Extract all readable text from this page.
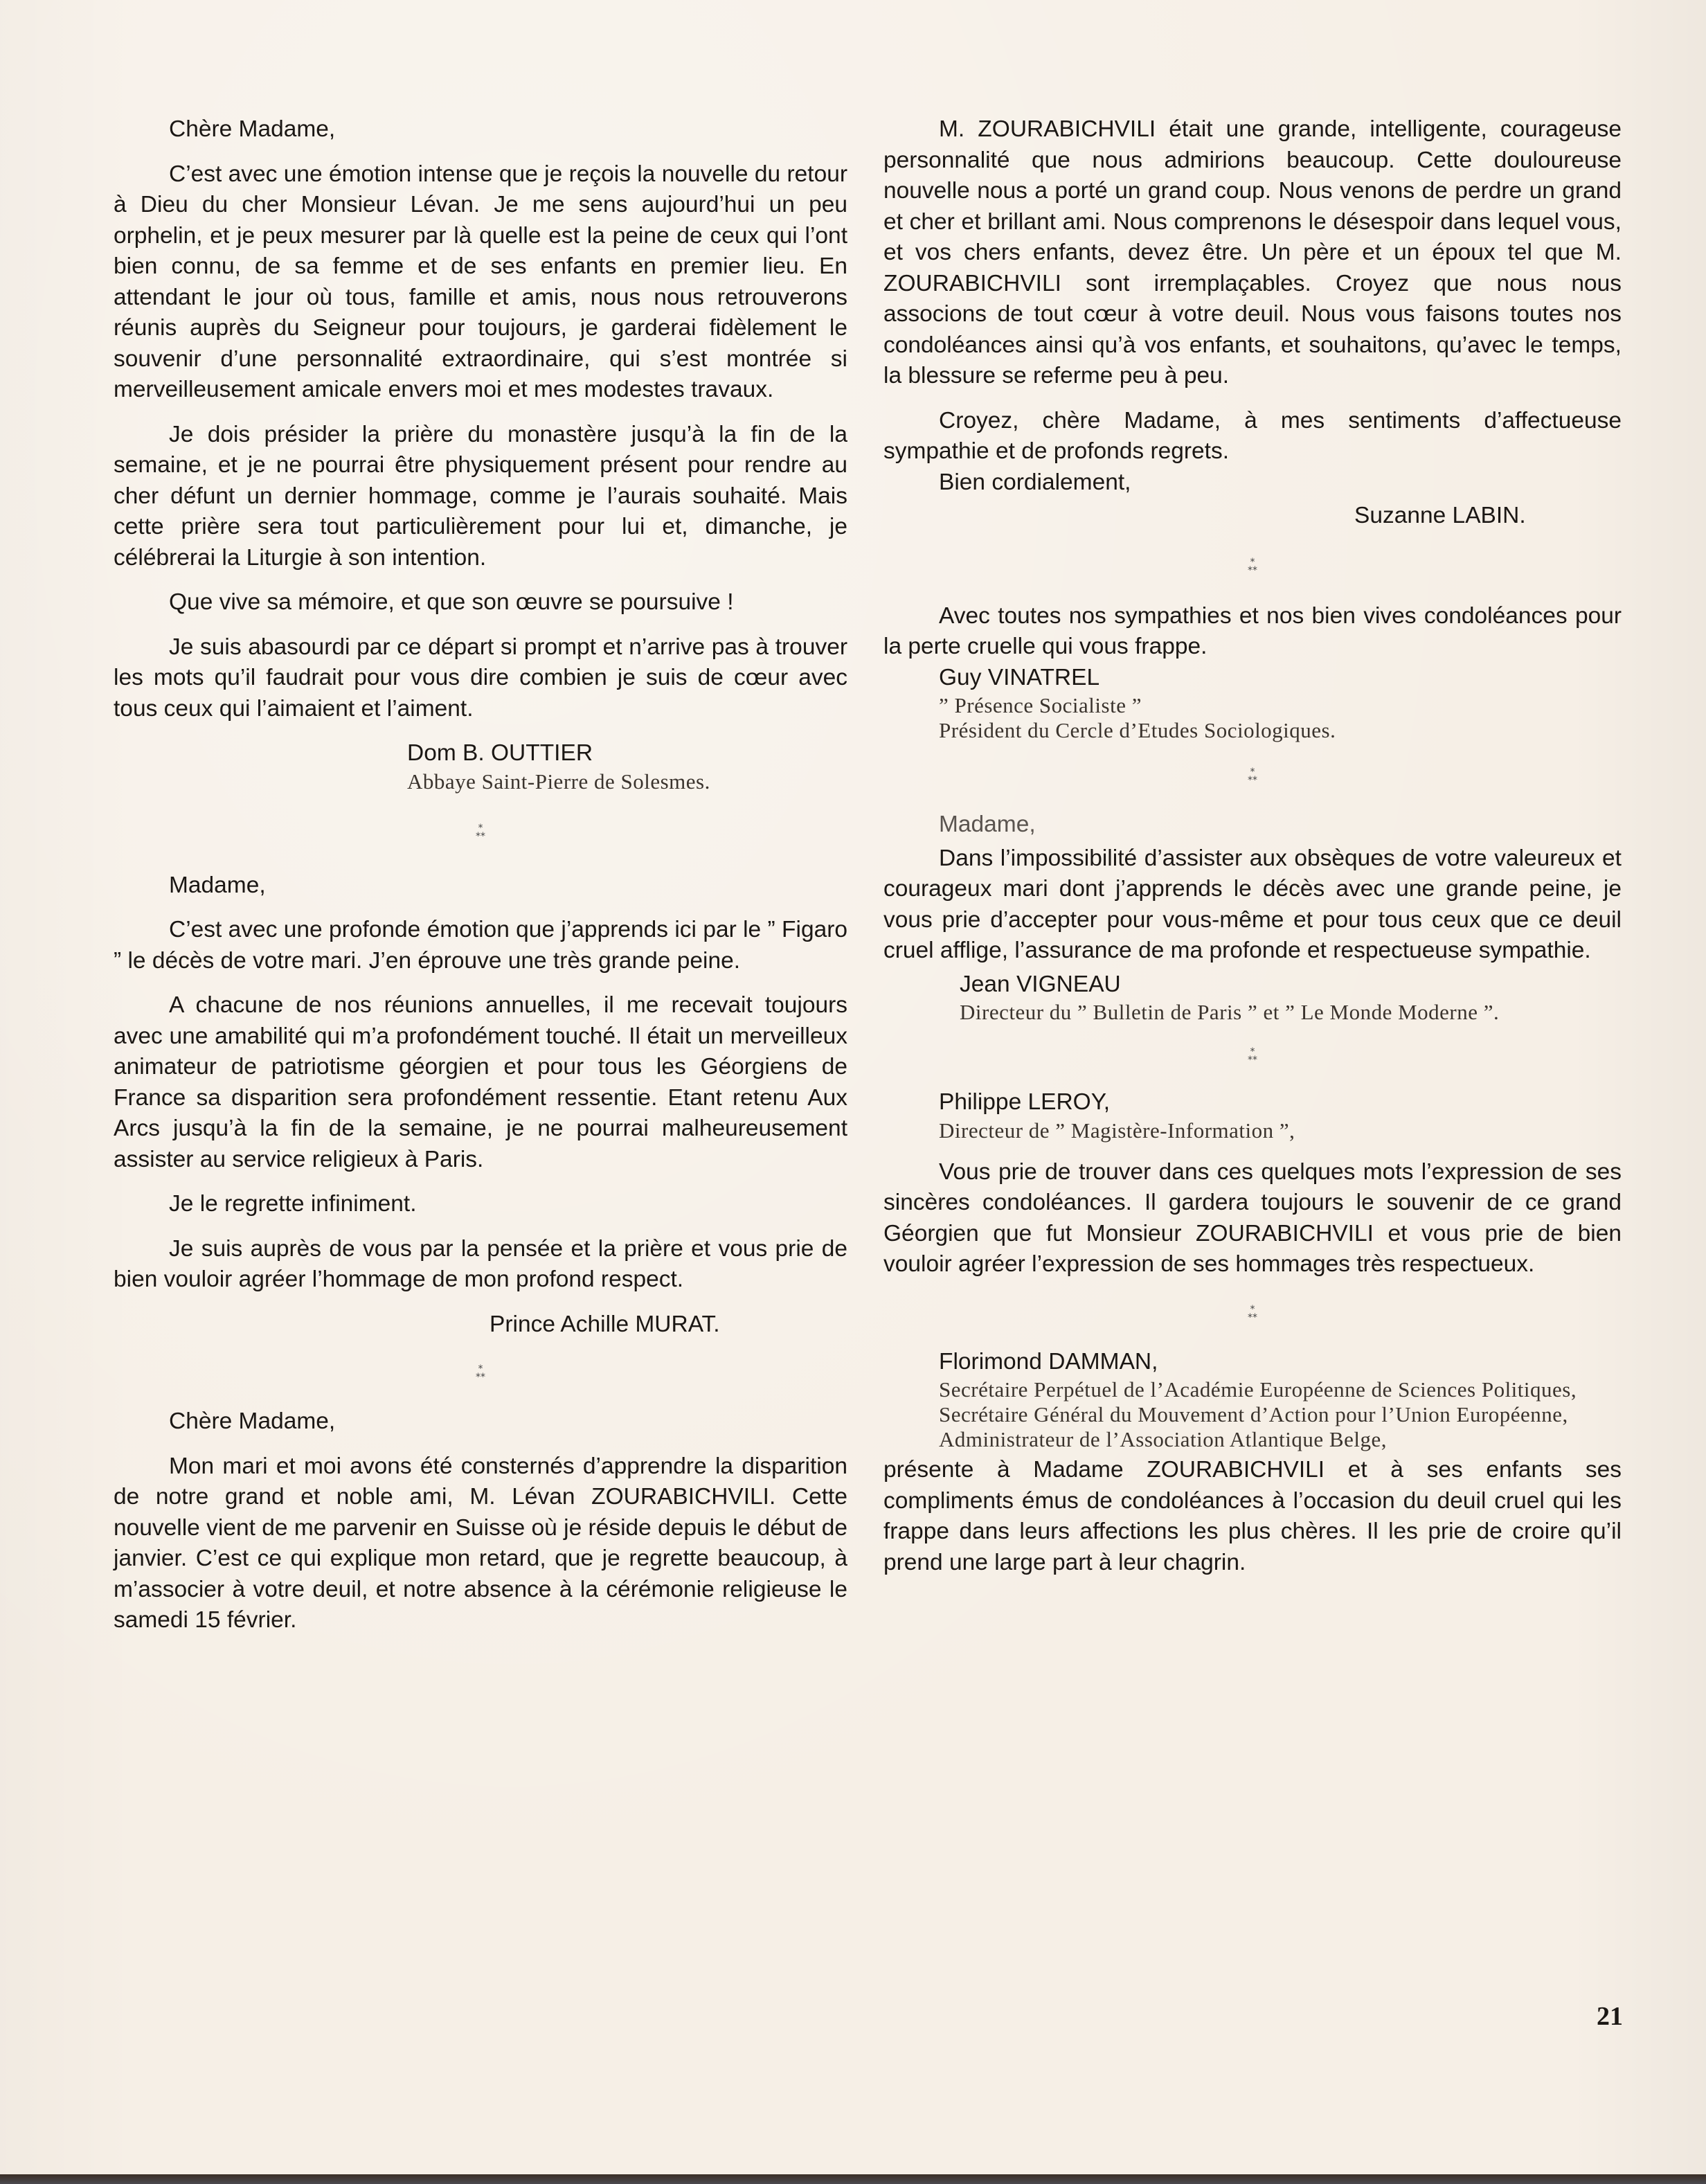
Chère Madame,

C’est avec une émotion intense que je reçois la nouvelle du retour à Dieu du cher Monsieur Lévan. Je me sens aujourd’hui un peu orphelin, et je peux mesurer par là quelle est la peine de ceux qui l’ont bien connu, de sa femme et de ses enfants en premier lieu. En attendant le jour où tous, famille et amis, nous nous retrouverons réunis auprès du Seigneur pour toujours, je garderai fidèlement le souvenir d’une personnalité extraordinaire, qui s’est montrée si merveilleusement amicale envers moi et mes modestes travaux.

Je dois présider la prière du monastère jusqu’à la fin de la semaine, et je ne pourrai être physiquement présent pour rendre au cher défunt un dernier hommage, comme je l’aurais souhaité. Mais cette prière sera tout particulièrement pour lui et, dimanche, je célébrerai la Liturgie à son intention.

Que vive sa mémoire, et que son œuvre se poursuive !

Je suis abasourdi par ce départ si prompt et n’arrive pas à trouver les mots qu’il faudrait pour vous dire combien je suis de cœur avec tous ceux qui l’aimaient et l’aiment.

Dom B. OUTTIER

Abbaye Saint-Pierre de Solesmes.

*
**

Madame,

C’est avec une profonde émotion que j’apprends ici par le ” Figaro ” le décès de votre mari. J’en éprouve une très grande peine.

A chacune de nos réunions annuelles, il me recevait toujours avec une amabilité qui m’a profondément touché. Il était un merveilleux animateur de patriotisme géorgien et pour tous les Géorgiens de France sa disparition sera profondément ressentie. Etant retenu Aux Arcs jusqu’à la fin de la semaine, je ne pourrai malheureusement assister au service religieux à Paris.

Je le regrette infiniment.

Je suis auprès de vous par la pensée et la prière et vous prie de bien vouloir agréer l’hommage de mon profond respect.

Prince Achille MURAT.

*
**

Chère Madame,

Mon mari et moi avons été consternés d’apprendre la disparition de notre grand et noble ami, M. Lévan ZOURABICHVILI. Cette nouvelle vient de me parvenir en Suisse où je réside depuis le début de janvier. C’est ce qui explique mon retard, que je regrette beaucoup, à m’associer à votre deuil, et notre absence à la cérémonie religieuse le samedi 15 février.

M. ZOURABICHVILI était une grande, intelligente, courageuse personnalité que nous admirions beaucoup. Cette douloureuse nouvelle nous a porté un grand coup. Nous venons de perdre un grand et cher et brillant ami. Nous comprenons le désespoir dans lequel vous, et vos chers enfants, devez être. Un père et un époux tel que M. ZOURABICHVILI sont irremplaçables. Croyez que nous nous associons de tout cœur à votre deuil. Nous vous faisons toutes nos condoléances ainsi qu’à vos enfants, et souhaitons, qu’avec le temps, la blessure se referme peu à peu.

Croyez, chère Madame, à mes sentiments d’affectueuse sympathie et de profonds regrets.

Bien cordialement,

Suzanne LABIN.

*
**

Avec toutes nos sympathies et nos bien vives condoléances pour la perte cruelle qui vous frappe.

Guy VINATREL

” Présence Socialiste ”

Président du Cercle d’Etudes Sociologiques.

*
**

Madame,

Dans l’impossibilité d’assister aux obsèques de votre valeureux et courageux mari dont j’apprends le décès avec une grande peine, je vous prie d’accepter pour vous-même et pour tous ceux que ce deuil cruel afflige, l’assurance de ma profonde et respectueuse sympathie.

Jean VIGNEAU

Directeur du ” Bulletin de Paris ” et ” Le Monde Moderne ”.

*
**

Philippe LEROY,

Directeur de ” Magistère-Information ”,

Vous prie de trouver dans ces quelques mots l’expression de ses sincères condoléances. Il gardera toujours le souvenir de ce grand Géorgien que fut Monsieur ZOURABICHVILI et vous prie de bien vouloir agréer l’expression de ses hommages très respectueux.

*
**

Florimond DAMMAN,

Secrétaire Perpétuel de l’Académie Européenne de Sciences Politiques,

Secrétaire Général du Mouvement d’Action pour l’Union Européenne,

Administrateur de l’Association Atlantique Belge,

présente à Madame ZOURABICHVILI et à ses enfants ses compliments émus de condoléances à l’occasion du deuil cruel qui les frappe dans leurs affections les plus chères. Il les prie de croire qu’il prend une large part à leur chagrin.

21
